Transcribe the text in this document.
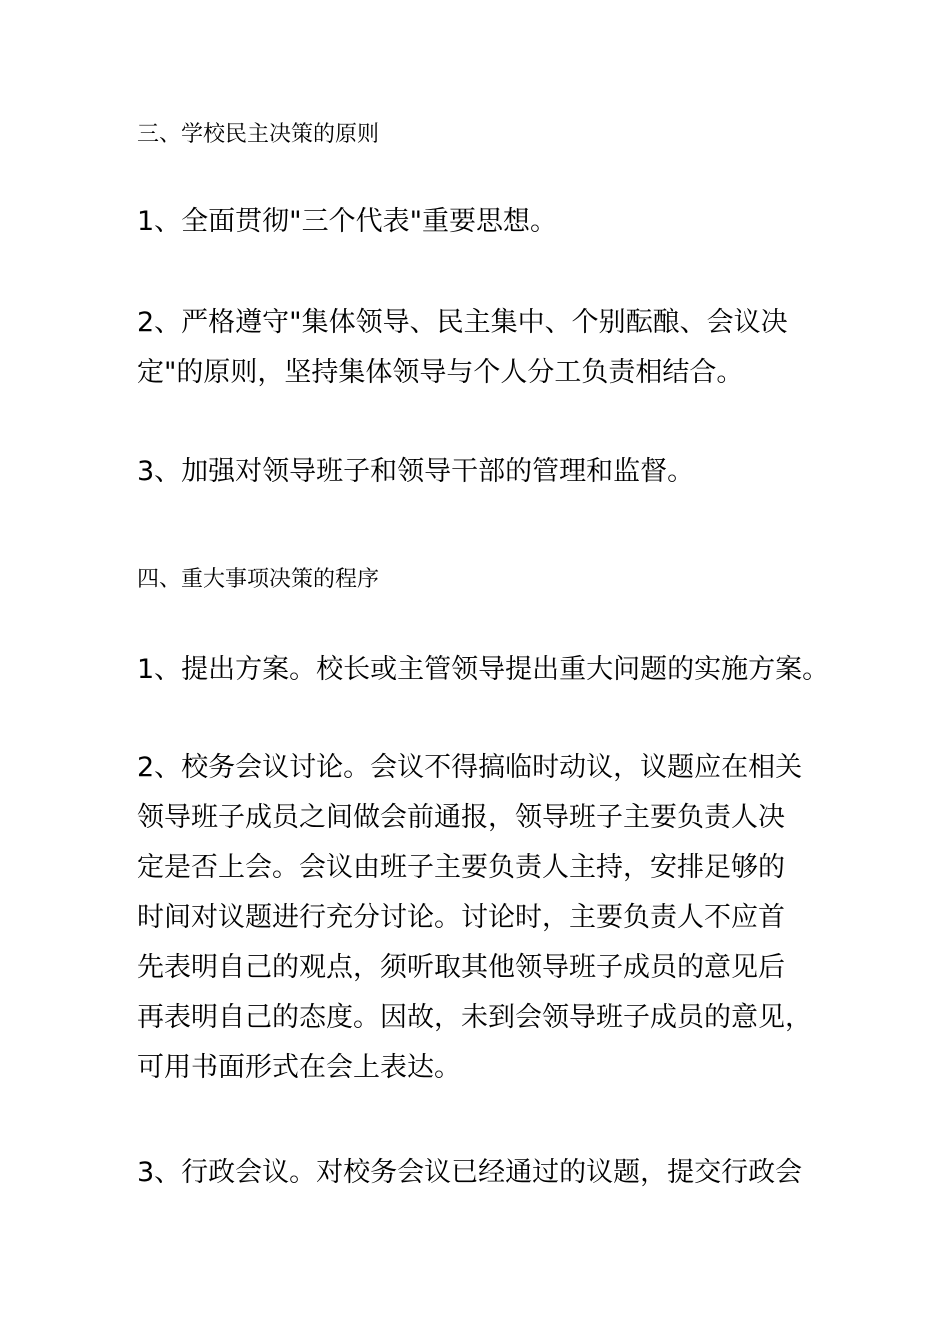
三、学校民主决策的原则
1、全面贯彻"三个代表"重要思想。
2、严格遵守"集体领导、民主集中、个别酝酿、会议决
定"的原则，坚持集体领导与个人分工负责相结合。
3、加强对领导班子和领导干部的管理和监督。
四、重大事项决策的程序
1、提出方案。校长或主管领导提出重大问题的实施方案。
2、校务会议讨论。会议不得搞临时动议，议题应在相关
领导班子成员之间做会前通报，领导班子主要负责人决
定是否上会。会议由班子主要负责人主持，安排足够的
时间对议题进行充分讨论。讨论时，主要负责人不应首
先表明自己的观点，须听取其他领导班子成员的意见后
再表明自己的态度。因故，未到会领导班子成员的意见，
可用书面形式在会上表达。
3、行政会议。对校务会议已经通过的议题，提交行政会
